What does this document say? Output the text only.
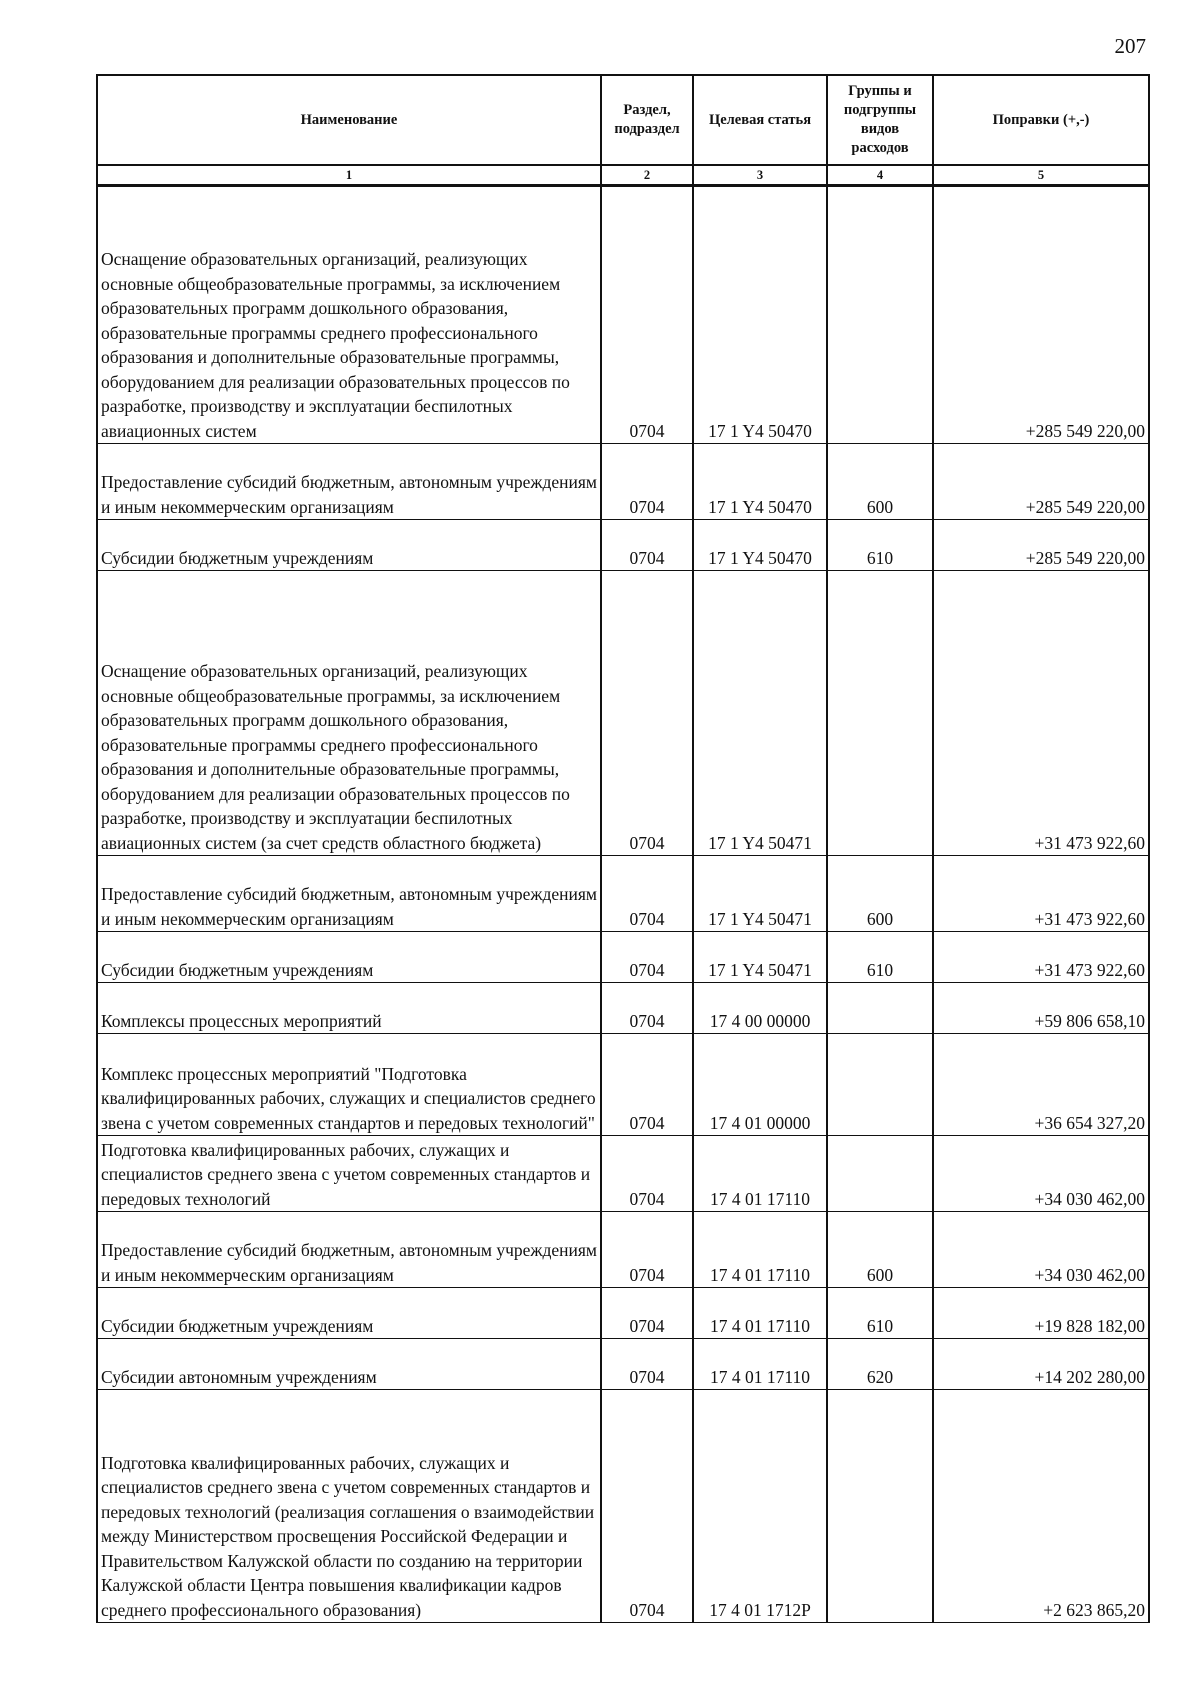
207
Наименование	Раздел, подраздел	Целевая статья	Группы и подгруппы видов расходов	Поправки (+,-)
1	2	3	4	5
Оснащение образовательных организаций, реализующих основные общеобразовательные программы, за исключением образовательных программ дошкольного образования, образовательные программы среднего профессионального образования и дополнительные образовательные программы, оборудованием для реализации образовательных процессов по разработке, производству и эксплуатации беспилотных авиационных систем	0704	17 1 Y4 50470		+285 549 220,00
Предоставление субсидий бюджетным, автономным учреждениям и иным некоммерческим организациям	0704	17 1 Y4 50470	600	+285 549 220,00
Субсидии бюджетным учреждениям	0704	17 1 Y4 50470	610	+285 549 220,00
Оснащение образовательных организаций, реализующих основные общеобразовательные программы, за исключением образовательных программ дошкольного образования, образовательные программы среднего профессионального образования и дополнительные образовательные программы, оборудованием для реализации образовательных процессов по разработке, производству и эксплуатации беспилотных авиационных систем (за счет средств областного бюджета)	0704	17 1 Y4 50471		+31 473 922,60
Предоставление субсидий бюджетным, автономным учреждениям и иным некоммерческим организациям	0704	17 1 Y4 50471	600	+31 473 922,60
Субсидии бюджетным учреждениям	0704	17 1 Y4 50471	610	+31 473 922,60
Комплексы процессных мероприятий	0704	17 4 00 00000		+59 806 658,10
Комплекс процессных мероприятий "Подготовка квалифицированных рабочих, служащих и специалистов среднего звена с учетом современных стандартов и передовых технологий"	0704	17 4 01 00000		+36 654 327,20
Подготовка квалифицированных рабочих, служащих и специалистов среднего звена с учетом современных стандартов и передовых технологий	0704	17 4 01 17110		+34 030 462,00
Предоставление субсидий бюджетным, автономным учреждениям и иным некоммерческим организациям	0704	17 4 01 17110	600	+34 030 462,00
Субсидии бюджетным учреждениям	0704	17 4 01 17110	610	+19 828 182,00
Субсидии автономным учреждениям	0704	17 4 01 17110	620	+14 202 280,00
Подготовка квалифицированных рабочих, служащих и специалистов среднего звена с учетом современных стандартов и передовых технологий (реализация соглашения о взаимодействии между Министерством просвещения Российской Федерации и Правительством Калужской области по созданию на территории Калужской области Центра повышения квалификации кадров среднего профессионального образования)	0704	17 4 01 1712P		+2 623 865,20
